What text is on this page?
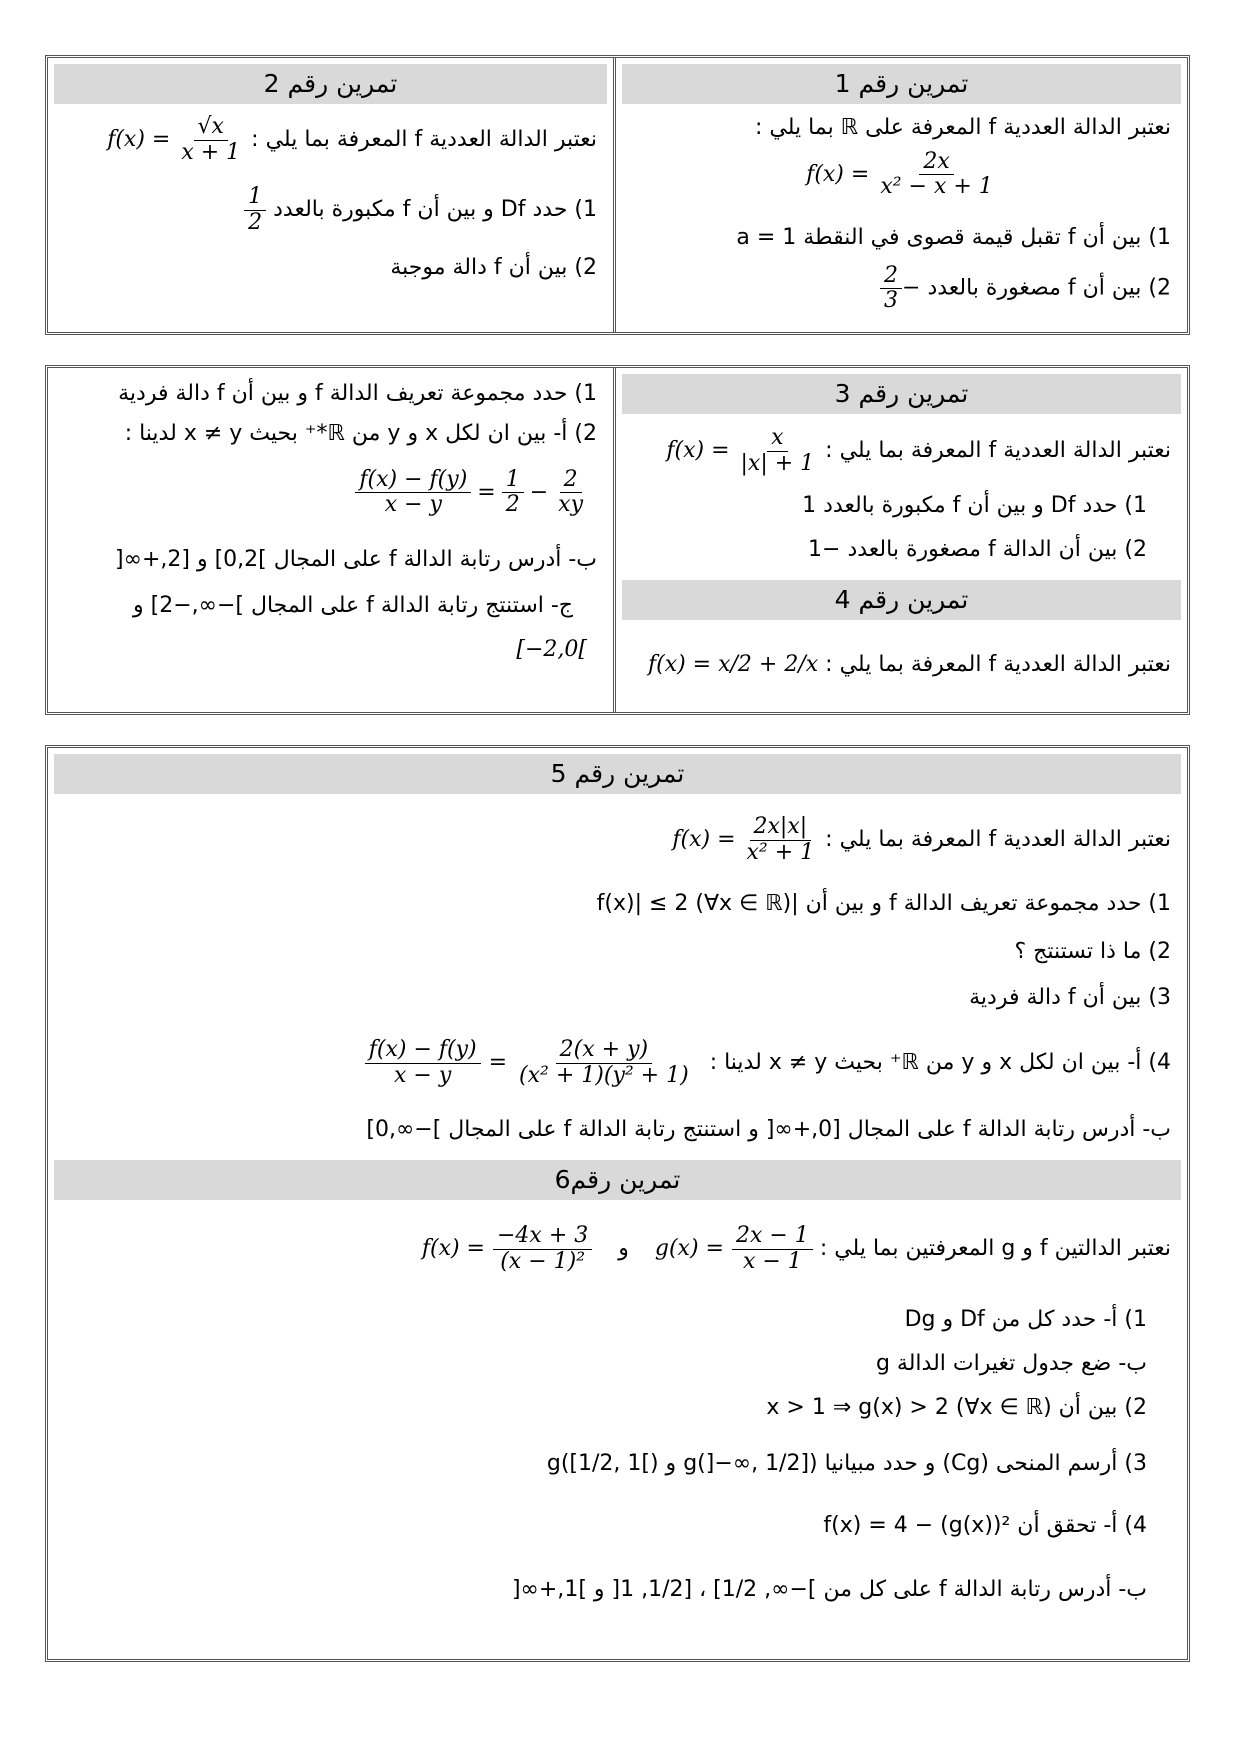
تمرين رقم 1
نعتبر الدالة العددية f المعرفة على ℝ بما يلي :
$f(x) = \frac{2x}{\text{x² − x + 1}}$
1) بين أن f تقبل قيمة قصوى في النقطة a = 1
2) بين أن f مصغورة بالعدد
$\frac{2}{3}$ −
تمرين رقم 2
نعتبر الدالة العددية f المعرفة بما يلي : $f(x) = \frac{√x}{x + 1}$
1) حدد Df و بين أن f مكبورة بالعدد
$\frac{1}{2}$
2) بين أن f دالة موجبة
تمرين رقم 3
نعتبر الدالة العددية f المعرفة بما يلي : $f(x) = \frac{x}{|x| + 1}$
1) حدد Df و بين أن f مكبورة بالعدد 1
2) بين أن الدالة f مصغورة بالعدد −1
تمرين رقم 4
نعتبر الدالة العددية f المعرفة بما يلي : f(x) = x/2 + 2/x
1) حدد مجموعة تعريف الدالة f و بين أن f دالة فردية
2) أ- بين ان لكل x و y من ℝ*⁺ بحيث x ≠ y لدينا :
$\frac{f(x) - f(y)}{x - y} = \frac{1}{2} - \frac{2}{xy}$
ب- أدرس رتابة الدالة f على المجال ]0,2] و [2,+∞[
ج- استنتج رتابة الدالة f على المجال ]−∞,−2] و
[−2,0[
تمرين رقم 5
نعتبر الدالة العددية f المعرفة بما يلي : $f(x) = \frac{2x|x|}{\text{x² + 1}}$
1) حدد مجموعة تعريف الدالة f و بين أن |f(x)| ≤ 2 (∀x ∈ ℝ)
2) ما ذا تستنتج ؟
3) بين أن f دالة فردية
4) أ- بين ان لكل x و y من ℝ⁺ بحيث x ≠ y لدينا :
$\frac{f(x) - f(y)}{x - y} = \frac{2(x + y)}{\text{(x² + 1)(y² + 1)}}$
ب- أدرس رتابة الدالة f على المجال [0,+∞[ و استنتج رتابة الدالة f على المجال ]−∞,0]
تمرين رقم6
نعتبر الدالتين f و g المعرفتين بما يلي :
$f(x) = \frac{-4x + 3}{\text{(x − 1)²}}$ و $g(x) = \frac{2x - 1}{x - 1}$
1) أ- حدد كل من Df و Dg
ب- ضع جدول تغيرات الدالة g
2) بين أن x > 1 ⇒ g(x) > 2 (∀x ∈ ℝ)
3) أرسم المنحى (Cg) و حدد مبيانيا g(]−∞, 1/2]) و g([1/2, 1[)
4) أ- تحقق أن f(x) = 4 − (g(x))²
ب- أدرس رتابة الدالة f على كل من ]−∞, 1/2] ، [1/2, 1[ و ]1,+∞[
